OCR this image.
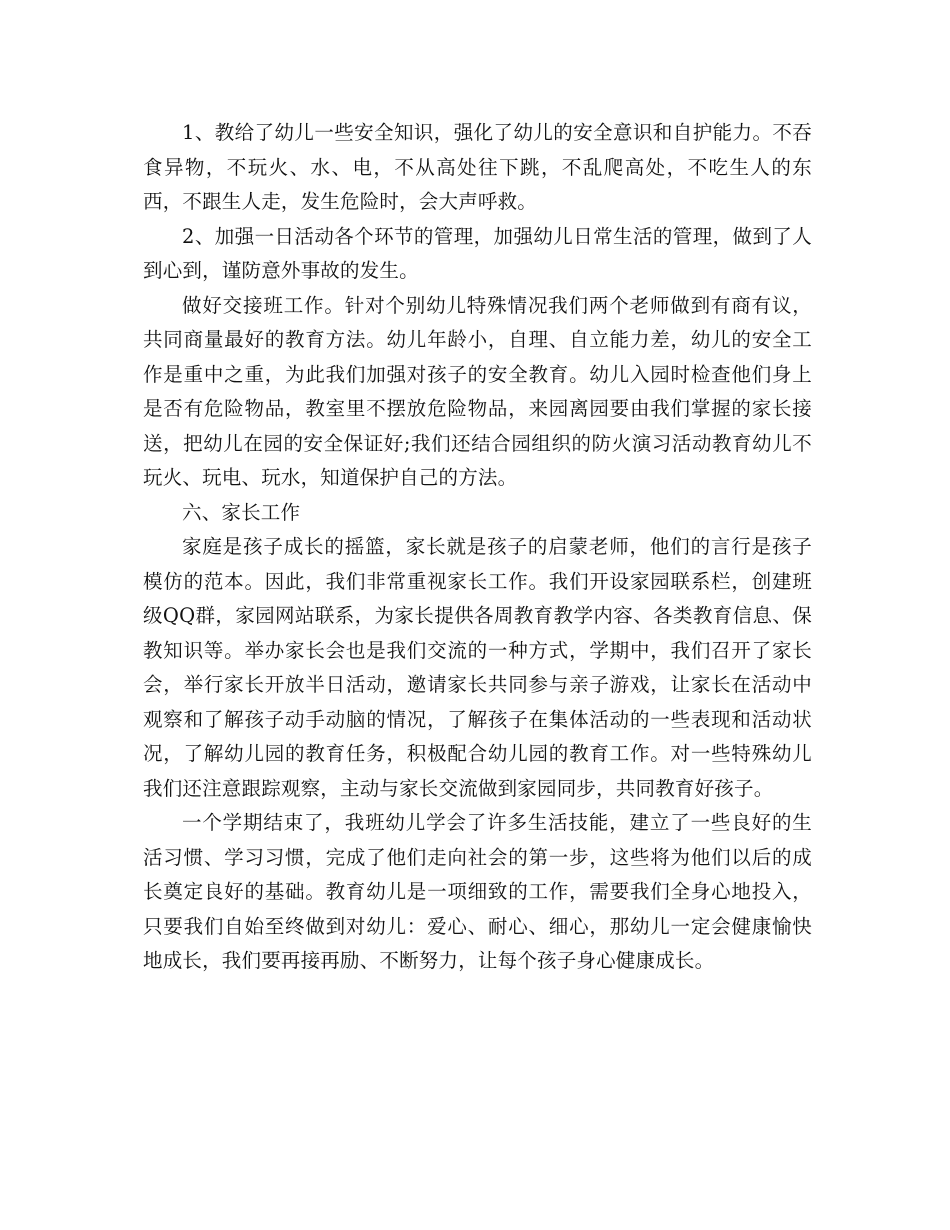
1、教给了幼儿一些安全知识，强化了幼儿的安全意识和自护能力。不吞食异物，不玩火、水、电，不从高处往下跳，不乱爬高处，不吃生人的东西，不跟生人走，发生危险时，会大声呼救。

2、加强一日活动各个环节的管理，加强幼儿日常生活的管理，做到了人到心到，谨防意外事故的发生。

做好交接班工作。针对个别幼儿特殊情况我们两个老师做到有商有议，共同商量最好的教育方法。幼儿年龄小，自理、自立能力差，幼儿的安全工作是重中之重，为此我们加强对孩子的安全教育。幼儿入园时检查他们身上是否有危险物品，教室里不摆放危险物品，来园离园要由我们掌握的家长接送，把幼儿在园的安全保证好;我们还结合园组织的防火演习活动教育幼儿不玩火、玩电、玩水，知道保护自己的方法。

六、家长工作

家庭是孩子成长的摇篮，家长就是孩子的启蒙老师，他们的言行是孩子模仿的范本。因此，我们非常重视家长工作。我们开设家园联系栏，创建班级QQ群，家园网站联系，为家长提供各周教育教学内容、各类教育信息、保教知识等。举办家长会也是我们交流的一种方式，学期中，我们召开了家长会，举行家长开放半日活动，邀请家长共同参与亲子游戏，让家长在活动中观察和了解孩子动手动脑的情况，了解孩子在集体活动的一些表现和活动状况，了解幼儿园的教育任务，积极配合幼儿园的教育工作。对一些特殊幼儿我们还注意跟踪观察，主动与家长交流做到家园同步，共同教育好孩子。

一个学期结束了，我班幼儿学会了许多生活技能，建立了一些良好的生活习惯、学习习惯，完成了他们走向社会的第一步，这些将为他们以后的成长奠定良好的基础。教育幼儿是一项细致的工作，需要我们全身心地投入，只要我们自始至终做到对幼儿：爱心、耐心、细心，那幼儿一定会健康愉快地成长，我们要再接再励、不断努力，让每个孩子身心健康成长。
